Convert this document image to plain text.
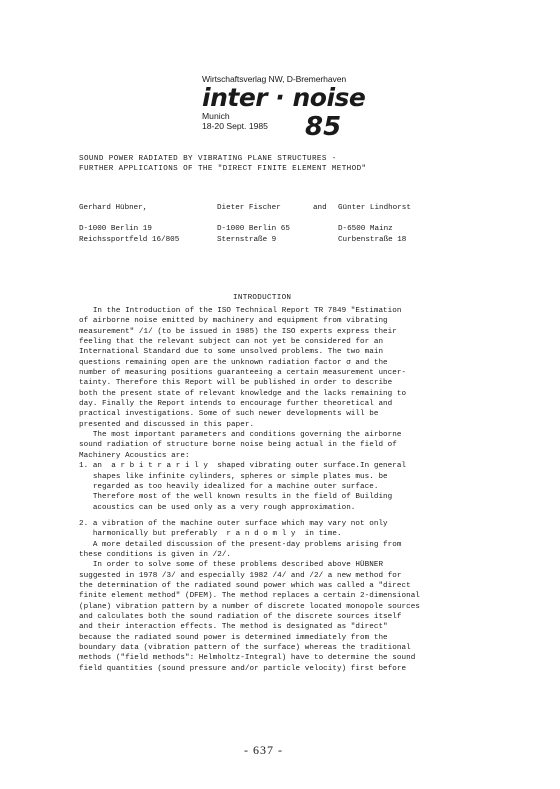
Wirtschaftsverlag NW, D-Bremerhaven
inter · noise
Munich
18-20 Sept. 1985	85
SOUND POWER RADIATED BY VIBRATING PLANE STRUCTURES -
FURTHER APPLICATIONS OF THE "DIRECT FINITE ELEMENT METHOD"
Gerhard Hübner,
D-1000 Berlin 19
Reichssportfeld 16/805
Dieter Fischer
D-1000 Berlin 65
Sternstraße 9
and Günter Lindhorst
D-6500 Mainz
Curbenstraße 18
INTRODUCTION
In the Introduction of the ISO Technical Report TR 7849 "Estimation
of airborne noise emitted by machinery and equipment from vibrating
measurement" /1/ (to be issued in 1985) the ISO experts express their
feeling that the relevant subject can not yet be considered for an
International Standard due to some unsolved problems. The two main
questions remaining open are the unknown radiation factor σ and the
number of measuring positions guaranteeing a certain measurement uncer-
tainty. Therefore this Report will be published in order to describe
both the present state of relevant knowledge and the lacks remaining to
day. Finally the Report intends to encourage further theoretical and
practical investigations. Some of such newer developments will be
presented and discussed in this paper.
The most important parameters and conditions governing the airborne
sound radiation of structure borne noise being actual in the field of
Machinery Acoustics are:
1. an  a r b i t r a r i l y  shaped vibrating outer surface.In general
shapes like infinite cylinders, spheres or simple plates mus. be
regarded as too heavily idealized for a machine outer surface.
Therefore most of the well known results in the field of Building
acoustics can be used only as a very rough approximation.
2. a vibration of the machine outer surface which may vary not only
harmonically but preferably  r a n d o m l y  in time.
A more detailed discussion of the present-day problems arising from
these conditions is given in /2/.
In order to solve some of these problems described above HÜBNER
suggested in 1978 /3/ and especially 1982 /4/ and /2/ a new method for
the determination of the radiated sound power which was called a "direct
finite element method" (DFEM). The method replaces a certain 2-dimensional
(plane) vibration pattern by a number of discrete located monopole sources
and calculates both the sound radiation of the discrete sources itself
and their interaction effects. The method is designated as "direct"
because the radiated sound power is determined immediately from the
boundary data (vibration pattern of the surface) whereas the traditional
methods ("field methods": Helmholtz-Integral) have to determine the sound
field quantities (sound pressure and/or particle velocity) first before
- 637 -
